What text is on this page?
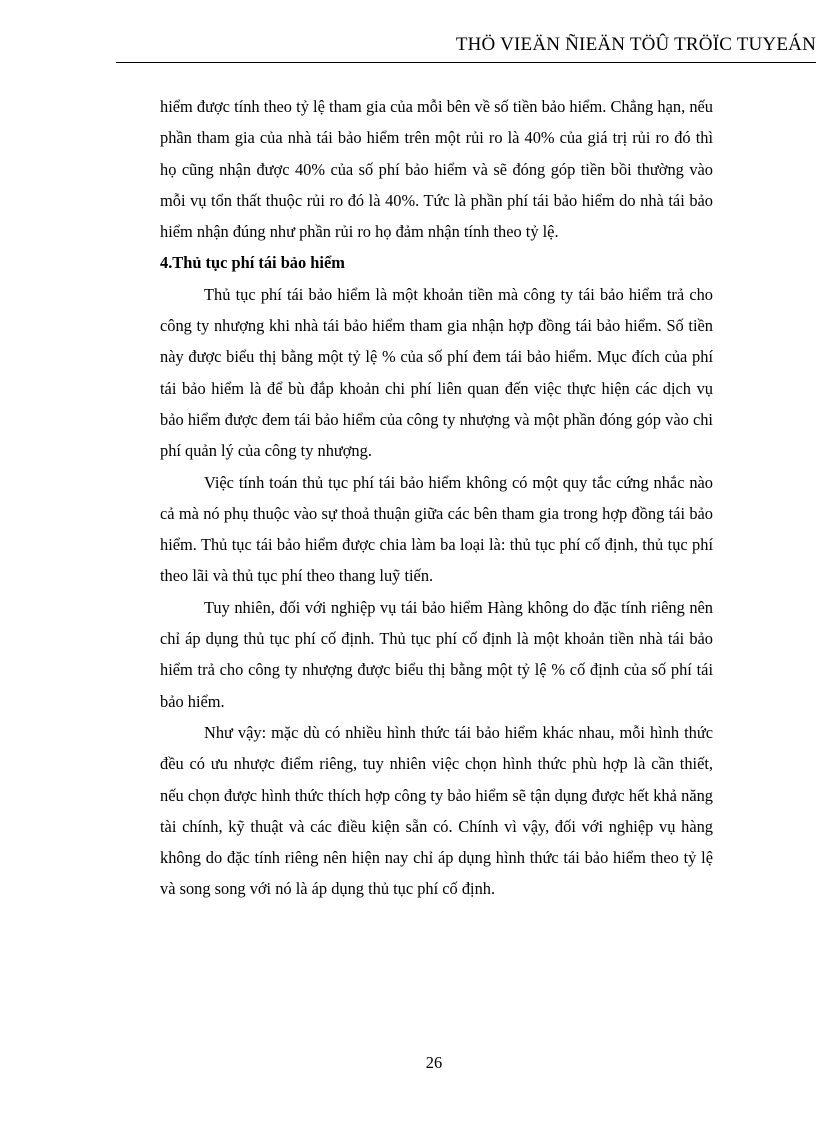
THÖ VIEÄN ÑIEÄN TÖÛ TRÖÏC TUYEÁN

hiểm được tính theo tỷ lệ tham gia của mỗi bên về số tiền bảo hiểm. Chẳng hạn, nếu phần tham gia của nhà tái bảo hiểm trên một rủi ro là 40% của giá trị rủi ro đó thì họ cũng nhận được 40% của số phí bảo hiểm và sẽ đóng góp tiền bồi thường vào mỗi vụ tổn thất thuộc rủi ro đó là 40%. Tức là phần phí tái bảo hiểm do nhà tái bảo hiểm nhận đúng như phần rủi ro họ đảm nhận tính theo tỷ lệ.

4.Thủ tục phí tái bảo hiểm

Thủ tục phí tái bảo hiểm là một khoản tiền mà công ty tái bảo hiểm trả cho công ty nhượng khi nhà tái bảo hiểm tham gia nhận hợp đồng tái bảo hiểm. Số tiền này được biểu thị bằng một tỷ lệ % của số phí đem tái bảo hiểm. Mục đích của phí tái bảo hiểm là để bù đắp khoản chi phí liên quan đến việc thực hiện các dịch vụ bảo hiểm được đem tái bảo hiểm của công ty nhượng và một phần đóng góp vào chi phí quản lý của công ty nhượng.

Việc tính toán thủ tục phí tái bảo hiểm không có một quy tắc cứng nhắc nào cả mà nó phụ thuộc vào sự thoả thuận giữa các bên tham gia trong hợp đồng tái bảo hiểm. Thủ tục tái bảo hiểm được chia làm ba loại là: thủ tục phí cố định, thủ tục phí theo lãi và thủ tục phí theo thang luỹ tiến.

Tuy nhiên, đối với nghiệp vụ tái bảo hiểm Hàng không do đặc tính riêng nên chỉ áp dụng thủ tục phí cố định. Thủ tục phí cố định là một khoản tiền nhà tái bảo hiểm trả cho công ty nhượng được biểu thị bằng một tỷ lệ % cố định của số phí tái bảo hiểm.

Như vậy: mặc dù có nhiều hình thức tái bảo hiểm khác nhau, mỗi hình thức đều có ưu nhược điểm riêng, tuy nhiên việc chọn hình thức phù hợp là cần thiết, nếu chọn được hình thức thích hợp công ty bảo hiểm sẽ tận dụng được hết khả năng tài chính, kỹ thuật và các điều kiện sẵn có. Chính vì vậy, đối với nghiệp vụ hàng không do đặc tính riêng nên hiện nay chỉ áp dụng hình thức tái bảo hiểm theo tỷ lệ và song song với nó là áp dụng thủ tục phí cố định.

26
